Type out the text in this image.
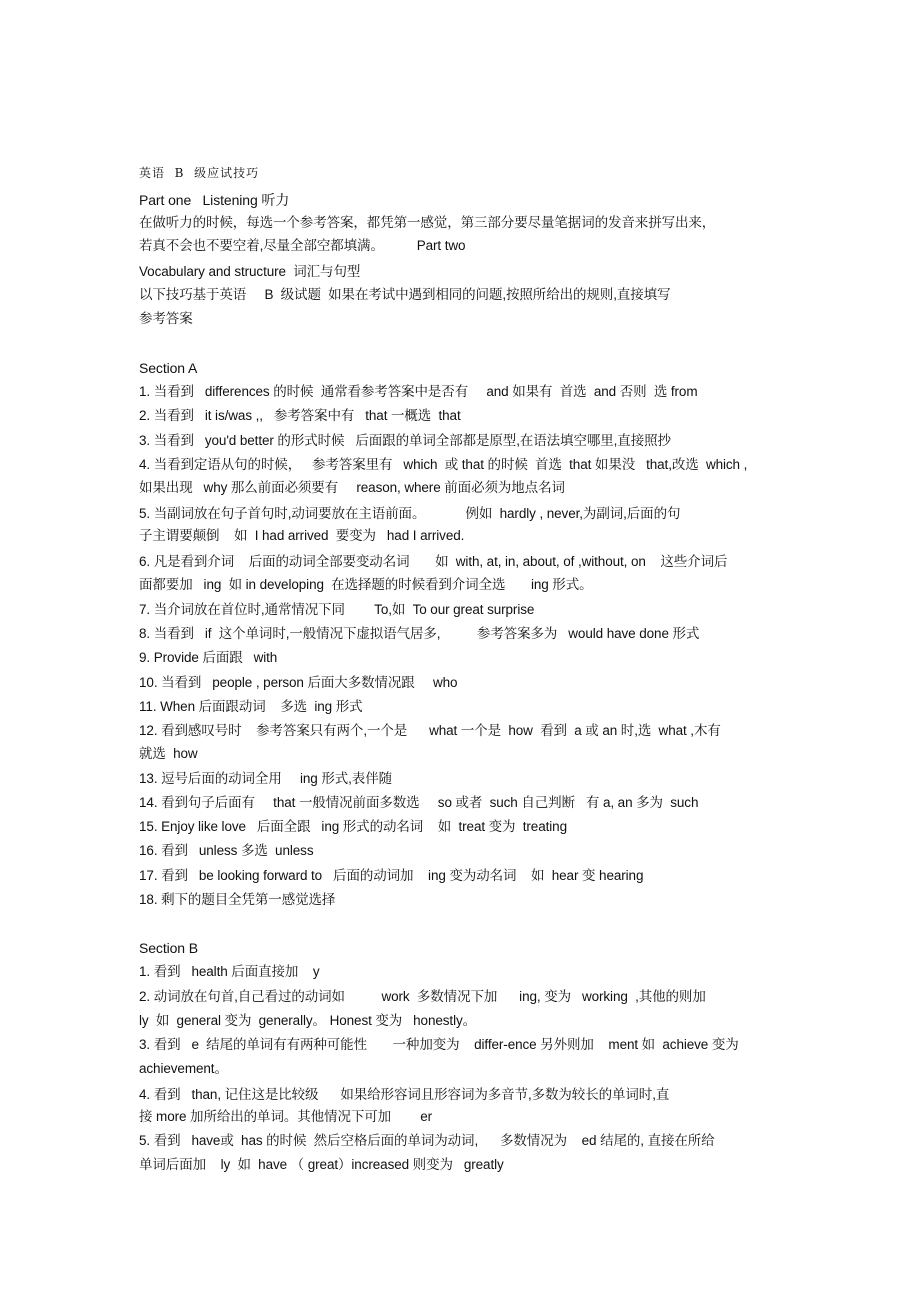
英语  B  级应试技巧
Part one   Listening 听力
在做听力的时候，每选一个参考答案，都凭第一感觉，第三部分要尽量笔据词的发音来拼写出来，
若真不会也不要空着,尽量全部空都填满。         Part two
Vocabulary and structure  词汇与句型
以下技巧基于英语     B  级试题  如果在考试中遇到相同的问题,按照所给出的规则,直接填写
参考答案
Section A
1. 当看到   differences 的时候  通常看参考答案中是否有     and 如果有  首选  and 否则  选 from
2. 当看到   it is/was ,,   参考答案中有   that 一概选  that
3. 当看到   you'd better 的形式时候   后面跟的单词全部都是原型,在语法填空哪里,直接照抄
4. 当看到定语从句的时候，   参考答案里有   which  或 that 的时候  首选  that 如果没   that,改选  which ,
如果出现   why 那么前面必须要有     reason, where 前面必须为地点名词
5. 当副词放在句子首句时,动词要放在主语前面。           例如  hardly , never,为副词,后面的句
子主谓要颠倒    如  I had arrived  要变为   had I arrived.
6. 凡是看到介词    后面的动词全部要变动名词       如  with, at, in, about, of ,without, on    这些介词后
面都要加   ing  如 in developing  在选择题的时候看到介词全选       ing 形式。
7. 当介词放在首位时,通常情况下同        To,如  To our great surprise
8. 当看到   if  这个单词时,一般情况下虚拟语气居多,          参考答案多为   would have done 形式
9. Provide 后面跟   with
10. 当看到   people , person 后面大多数情况跟     who
11. When 后面跟动词    多选  ing 形式
12. 看到感叹号时    参考答案只有两个,一个是      what 一个是  how  看到  a 或 an 时,选  what ,木有
就选  how
13. 逗号后面的动词全用     ing 形式,表伴随
14. 看到句子后面有     that 一般情况前面多数选     so 或者  such 自己判断   有 a, an 多为  such
15. Enjoy like love   后面全跟   ing 形式的动名词    如  treat 变为  treating
16. 看到   unless 多选  unless
17. 看到   be looking forward to   后面的动词加    ing 变为动名词    如  hear 变 hearing
18. 剩下的题目全凭第一感觉选择
Section B
1. 看到   health 后面直接加    y
2. 动词放在句首,自己看过的动词如          work  多数情况下加      ing, 变为   working  ,其他的则加
ly  如  general 变为  generally。 Honest 变为   honestly。
3. 看到   e  结尾的单词有有两种可能性       一种加变为    differ-ence 另外则加    ment 如  achieve 变为
achievement。
4. 看到   than, 记住这是比较级      如果给形容词且形容词为多音节,多数为较长的单词时,直
接 more 加所给出的单词。其他情况下可加        er
5. 看到   have或  has 的时候  然后空格后面的单词为动词,      多数情况为    ed 结尾的, 直接在所给
单词后面加    ly  如  have （ great）increased 则变为   greatly
